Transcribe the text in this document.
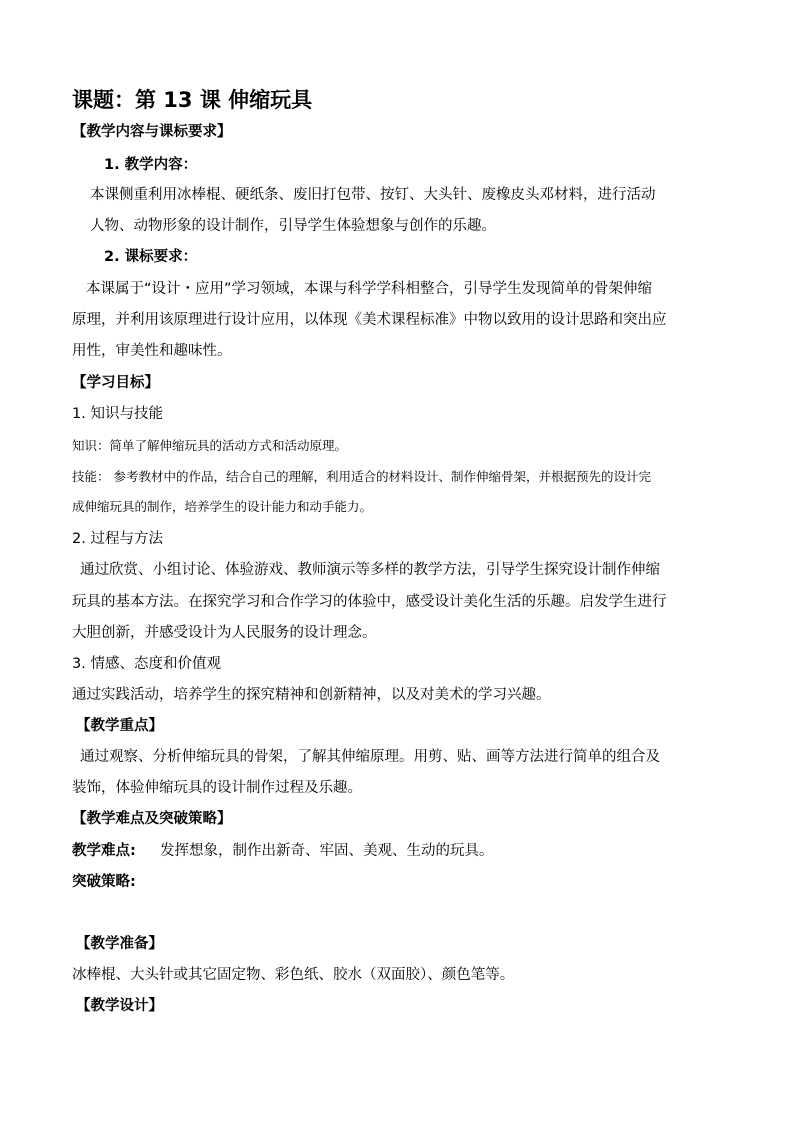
课题：第 13 课 伸缩玩具
【教学内容与课标要求】
1. 教学内容：
本课侧重利用冰棒棍、硬纸条、废旧打包带、按钉、大头针、废橡皮头邓材料，进行活动
人物、动物形象的设计制作，引导学生体验想象与创作的乐趣。
2. 课标要求：
本课属于“设计・应用”学习领域，本课与科学学科相整合，引导学生发现简单的骨架伸缩
原理，并利用该原理进行设计应用，以体现《美术课程标准》中物以致用的设计思路和突出应
用性，审美性和趣味性。
【学习目标】
1. 知识与技能
知识：简单了解伸缩玩具的活动方式和活动原理。
技能： 参考教材中的作品，结合自己的理解，利用适合的材料设计、制作伸缩骨架，并根据预先的设计完
成伸缩玩具的制作，培养学生的设计能力和动手能力。
2. 过程与方法
通过欣赏、小组讨论、体验游戏、教师演示等多样的教学方法，引导学生探究设计制作伸缩
玩具的基本方法。在探究学习和合作学习的体验中，感受设计美化生活的乐趣。启发学生进行
大胆创新，并感受设计为人民服务的设计理念。
3. 情感、态度和价值观
通过实践活动，培养学生的探究精神和创新精神，以及对美术的学习兴趣。
【教学重点】
通过观察、分析伸缩玩具的骨架，了解其伸缩原理。用剪、贴、画等方法进行简单的组合及
装饰，体验伸缩玩具的设计制作过程及乐趣。
【教学难点及突破策略】
教学难点: 发挥想象，制作出新奇、牢固、美观、生动的玩具。
突破策略:
【教学准备】
冰棒棍、大头针或其它固定物、彩色纸、胶水（双面胶）、颜色笔等。
【教学设计】
